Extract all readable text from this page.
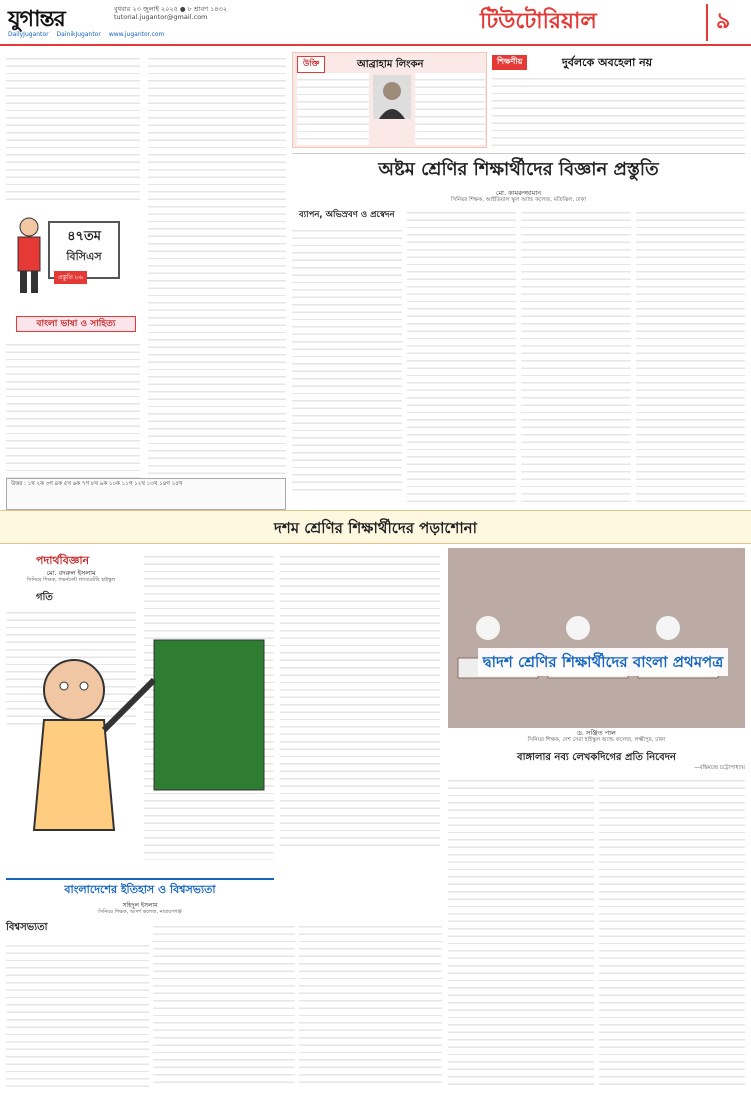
যুগান্তর	বুধবার ২৩ জুলাই ২০২৫ ● ৮ শ্রাবণ ১৪৩২
tutorial.jugantor@gmail.com
DailyJugantor DainikJugantor www.jugantor.com
টিউটোরিয়াল	৯
৪৭তম
বিসিএস
প্রস্তুতি ৮৬
বাংলা ভাষা ও সাহিত্য
উত্তর : ১খ ২ক ৩গ ৪ক ৫খ ৬ক ৭গ ৮খ ৯ক ১০ক ১১গ ১২খ ১৩খ ১৪গ ১৫খ
উক্তি	আব্রাহাম লিংকন	শিক্ষণীয়	দুর্বলকে অবহেলা নয়
অষ্টম শ্রেণির শিক্ষার্থীদের বিজ্ঞান প্রস্তুতি
মো. কামরুজ্জামান
সিনিয়র শিক্ষক, আইডিয়াল স্কুল অ্যান্ড কলেজ, মতিঝিল, ঢাকা
ব্যাপন, অভিস্রবণ ও প্রস্বেদন
দশম শ্রেণির শিক্ষার্থীদের পড়াশোনা
পদার্থবিজ্ঞান
মো. বদরুল ইসলাম
সিনিয়র শিক্ষক, গভর্নমেন্ট ল্যাবরেটরি হাইস্কুল
গতি
দ্বাদশ শ্রেণির শিক্ষার্থীদের বাংলা প্রথমপত্র
ড. সঞ্জিত পাল
সিনিয়র শিক্ষক, দেশ সেরা হাইস্কুল অ্যান্ড কলেজ, লক্ষ্মীপুর, ঢাকা
বাঙ্গালার নব্য লেখকদিগের প্রতি নিবেদন
—বঙ্কিমচন্দ্র চট্টোপাধ্যায়
বাংলাদেশের ইতিহাস ও বিশ্বসভ্যতা
সহিদুল ইসলাম
সিনিয়র শিক্ষক, আদর্শ কলেজ, নারায়ণগঞ্জ
বিশ্বসভ্যতা
